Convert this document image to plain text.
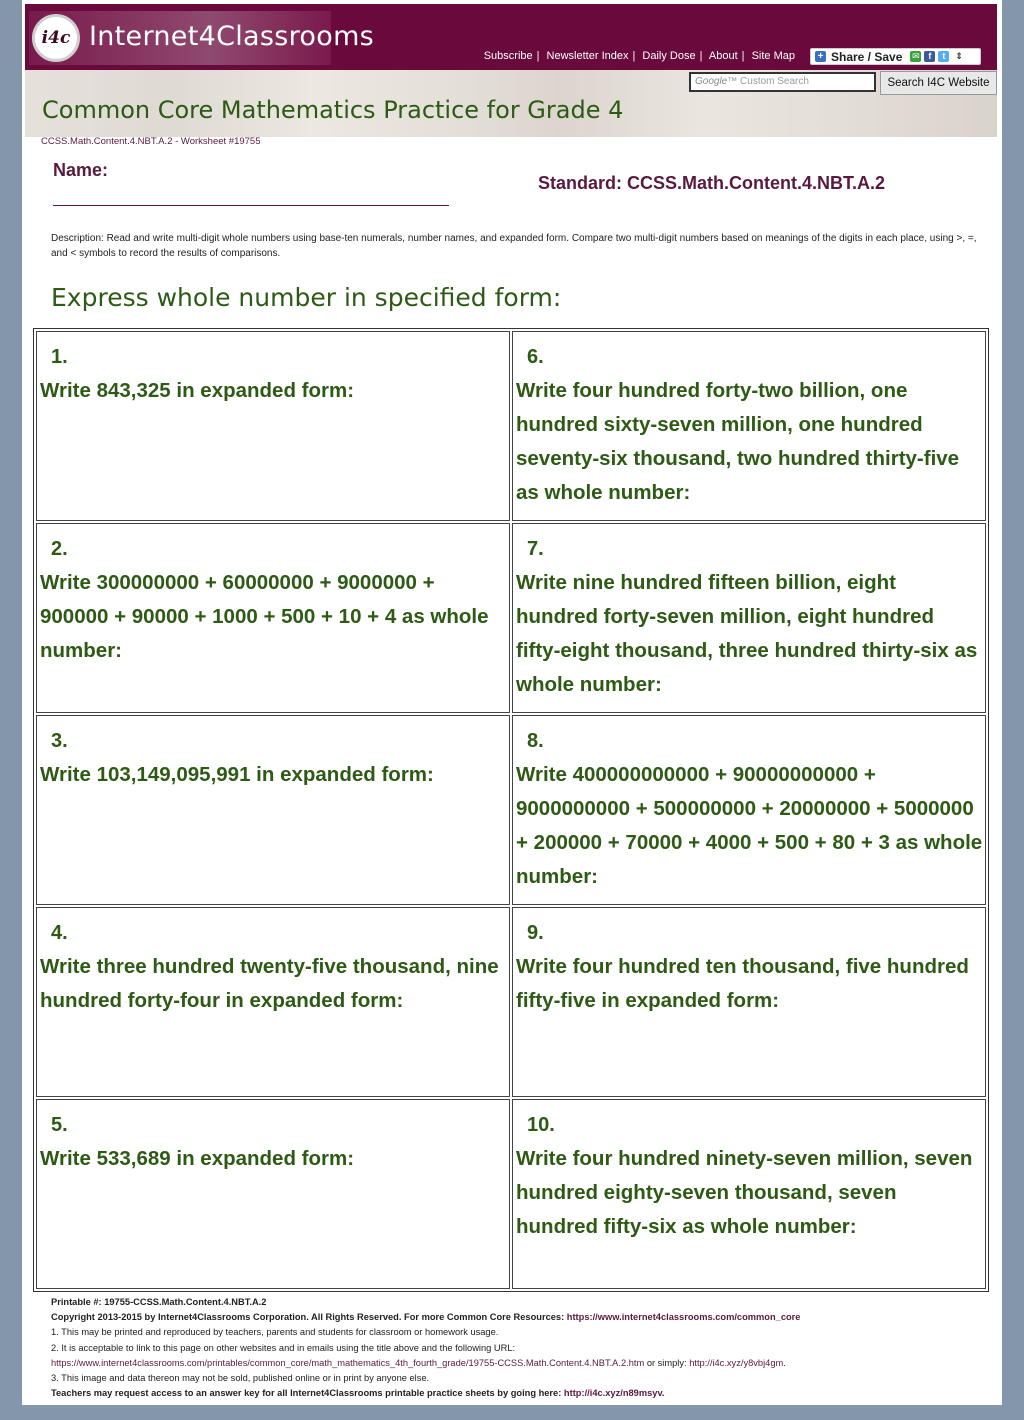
i4c Internet4Classrooms
Subscribe | Newsletter Index | Daily Dose | About | Site Map + Share / Save ✉ f	t	⇕
Google™ Custom Search	Search I4C Website
Common Core Mathematics Practice for Grade 4
CCSS.Math.Content.4.NBT.A.2 - Worksheet #19755
Name:
Standard: CCSS.Math.Content.4.NBT.A.2
Description: Read and write multi-digit whole numbers using base-ten numerals, number names, and expanded form. Compare two multi-digit numbers based on meanings of the digits in each place, using >, =, and < symbols to record the results of comparisons.
Express whole number in specified form:
1.
Write 843,325 in expanded form:
6.
Write four hundred forty-two billion, one hundred sixty-seven million, one hundred seventy-six thousand, two hundred thirty-five as whole number:
2.
Write 300000000 + 60000000 + 9000000 + 900000 + 90000 + 1000 + 500 + 10 + 4 as whole number:
7.
Write nine hundred fifteen billion, eight hundred forty-seven million, eight hundred fifty-eight thousand, three hundred thirty-six as whole number:
3.
Write 103,149,095,991 in expanded form:
8.
Write 400000000000 + 90000000000 + 9000000000 + 500000000 + 20000000 + 5000000 + 200000 + 70000 + 4000 + 500 + 80 + 3 as whole number:
4.
Write three hundred twenty-five thousand, nine hundred forty-four in expanded form:
9.
Write four hundred ten thousand, five hundred fifty-five in expanded form:
5.
Write 533,689 in expanded form:
10.
Write four hundred ninety-seven million, seven hundred eighty-seven thousand, seven hundred fifty-six as whole number:
Printable #: 19755-CCSS.Math.Content.4.NBT.A.2
Copyright 2013-2015 by Internet4Classrooms Corporation. All Rights Reserved. For more Common Core Resources: https://www.internet4classrooms.com/common_core
1. This may be printed and reproduced by teachers, parents and students for classroom or homework usage.
2. It is acceptable to link to this page on other websites and in emails using the title above and the following URL:
https://www.internet4classrooms.com/printables/common_core/math_mathematics_4th_fourth_grade/19755-CCSS.Math.Content.4.NBT.A.2.htm or simply: http://i4c.xyz/y8vbj4gm.
3. This image and data thereon may not be sold, published online or in print by anyone else.
Teachers may request access to an answer key for all Internet4Classrooms printable practice sheets by going here: http://i4c.xyz/n89msyv.
